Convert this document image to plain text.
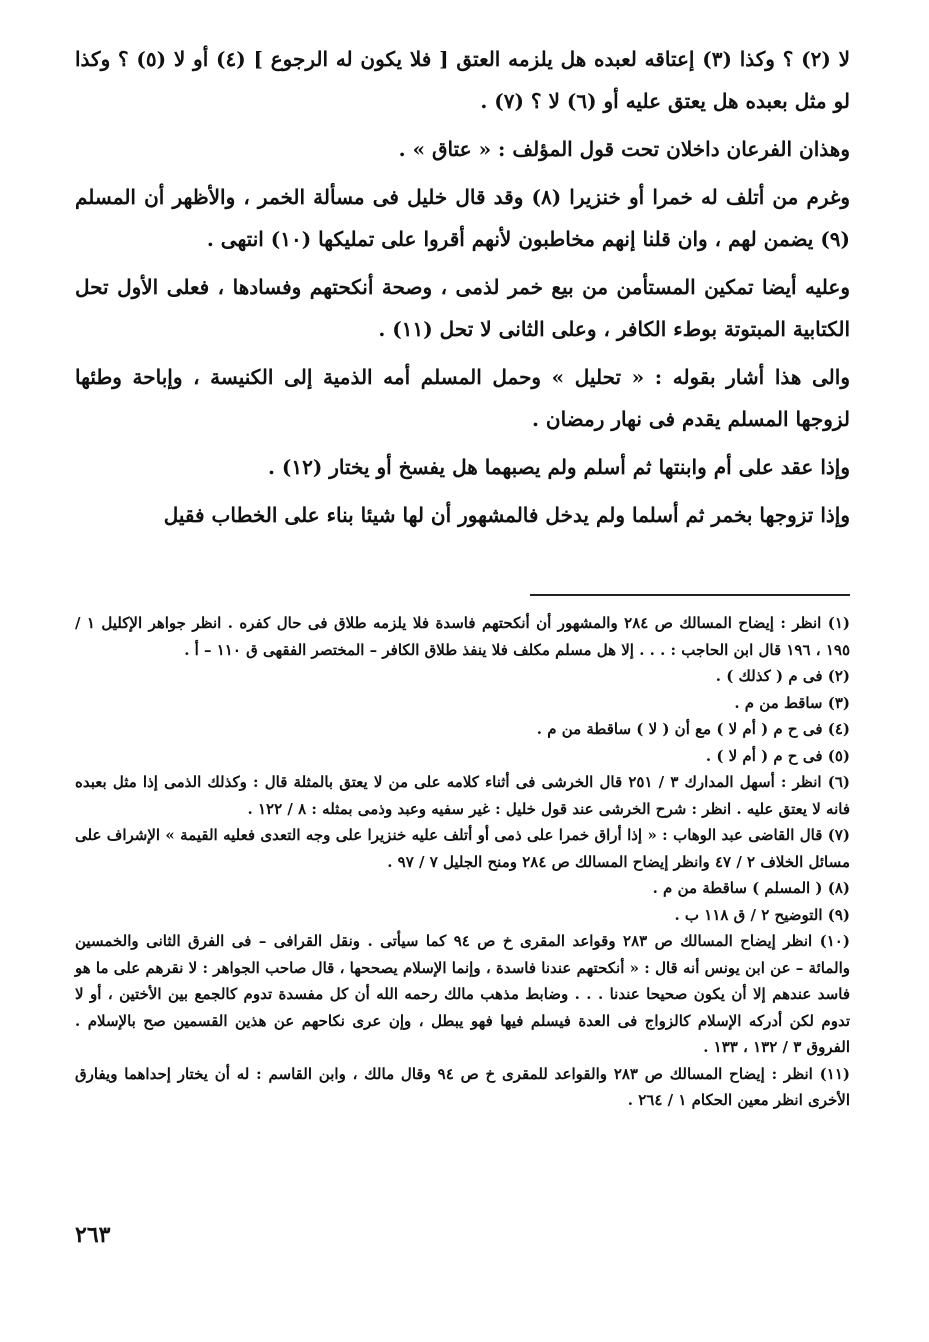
لا (٢) ؟ وكذا (٣) إعتاقه لعبده هل يلزمه العتق [ فلا يكون له الرجوع ] (٤) أو لا (٥) ؟ وكذا لو مثل بعبده هل يعتق عليه أو (٦) لا ؟ (٧) .

وهذان الفرعان داخلان تحت قول المؤلف : « عتاق » .

وغرم من أتلف له خمرا أو خنزيرا (٨) وقد قال خليل فى مسألة الخمر ، والأظهر أن المسلم (٩) يضمن لهم ، وان قلنا إنهم مخاطبون لأنهم أقروا على تمليكها (١٠) انتهى .

وعليه أيضا تمكين المستأمن من بيع خمر لذمى ، وصحة أنكحتهم وفسادها ، فعلى الأول تحل الكتابية المبتوتة بوطء الكافر ، وعلى الثانى لا تحل (١١) .

والى هذا أشار بقوله : « تحليل » وحمل المسلم أمه الذمية إلى الكنيسة ، وإباحة وطئها لزوجها المسلم يقدم فى نهار رمضان .

وإذا عقد على أم وابنتها ثم أسلم ولم يصبهما هل يفسخ أو يختار (١٢) .

وإذا تزوجها بخمر ثم أسلما ولم يدخل فالمشهور أن لها شيئا بناء على الخطاب فقيل

(١) انظر : إيضاح المسالك ص ٢٨٤ والمشهور أن أنكحتهم فاسدة فلا يلزمه طلاق فى حال كفره . انظر جواهر الإكليل ١ / ١٩٥ ، ١٩٦ قال ابن الحاجب : . . . إلا هل مسلم مكلف فلا ينفذ طلاق الكافر – المختصر الفقهى ق ١١٠ – أ .

(٢) فى م ( كذلك ) .

(٣) ساقط من م .

(٤) فى ح م ( أم لا ) مع أن ( لا ) ساقطة من م .

(٥) فى ح م ( أم لا ) .

(٦) انظر : أسهل المدارك ٣ / ٢٥١ قال الخرشى فى أثناء كلامه على من لا يعتق بالمثلة قال : وكذلك الذمى إذا مثل بعبده فانه لا يعتق عليه . انظر : شرح الخرشى عند قول خليل : غير سفيه وعبد وذمى بمثله : ٨ / ١٢٢ .

(٧) قال القاضى عبد الوهاب : « إذا أراق خمرا على ذمى أو أتلف عليه خنزيرا على وجه التعدى فعليه القيمة » الإشراف على مسائل الخلاف ٢ / ٤٧ وانظر إيضاح المسالك ص ٢٨٤ ومنح الجليل ٧ / ٩٧ .

(٨) ( المسلم ) ساقطة من م .

(٩) التوضيح ٢ / ق ١١٨ ب .

(١٠) انظر إيضاح المسالك ص ٢٨٣ وقواعد المقرى خ ص ٩٤ كما سيأتى . ونقل القرافى – فى الفرق الثانى والخمسين والمائة – عن ابن يونس أنه قال : « أنكحتهم عندنا فاسدة ، وإنما الإسلام يصححها ، قال صاحب الجواهر : لا نقرهم على ما هو فاسد عندهم إلا أن يكون صحيحا عندنا . . . وضابط مذهب مالك رحمه الله أن كل مفسدة تدوم كالجمع بين الأختين ، أو لا تدوم لكن أدركه الإسلام كالزواج فى العدة فيسلم فيها فهو يبطل ، وإن عرى نكاحهم عن هذين القسمين صح بالإسلام . الفروق ٣ / ١٣٢ ، ١٣٣ .

(١١) انظر : إيضاح المسالك ص ٢٨٣ والقواعد للمقرى خ ص ٩٤ وقال مالك ، وابن القاسم : له أن يختار إحداهما ويفارق الأخرى انظر معين الحكام ١ / ٢٦٤ .

٢٦٣
